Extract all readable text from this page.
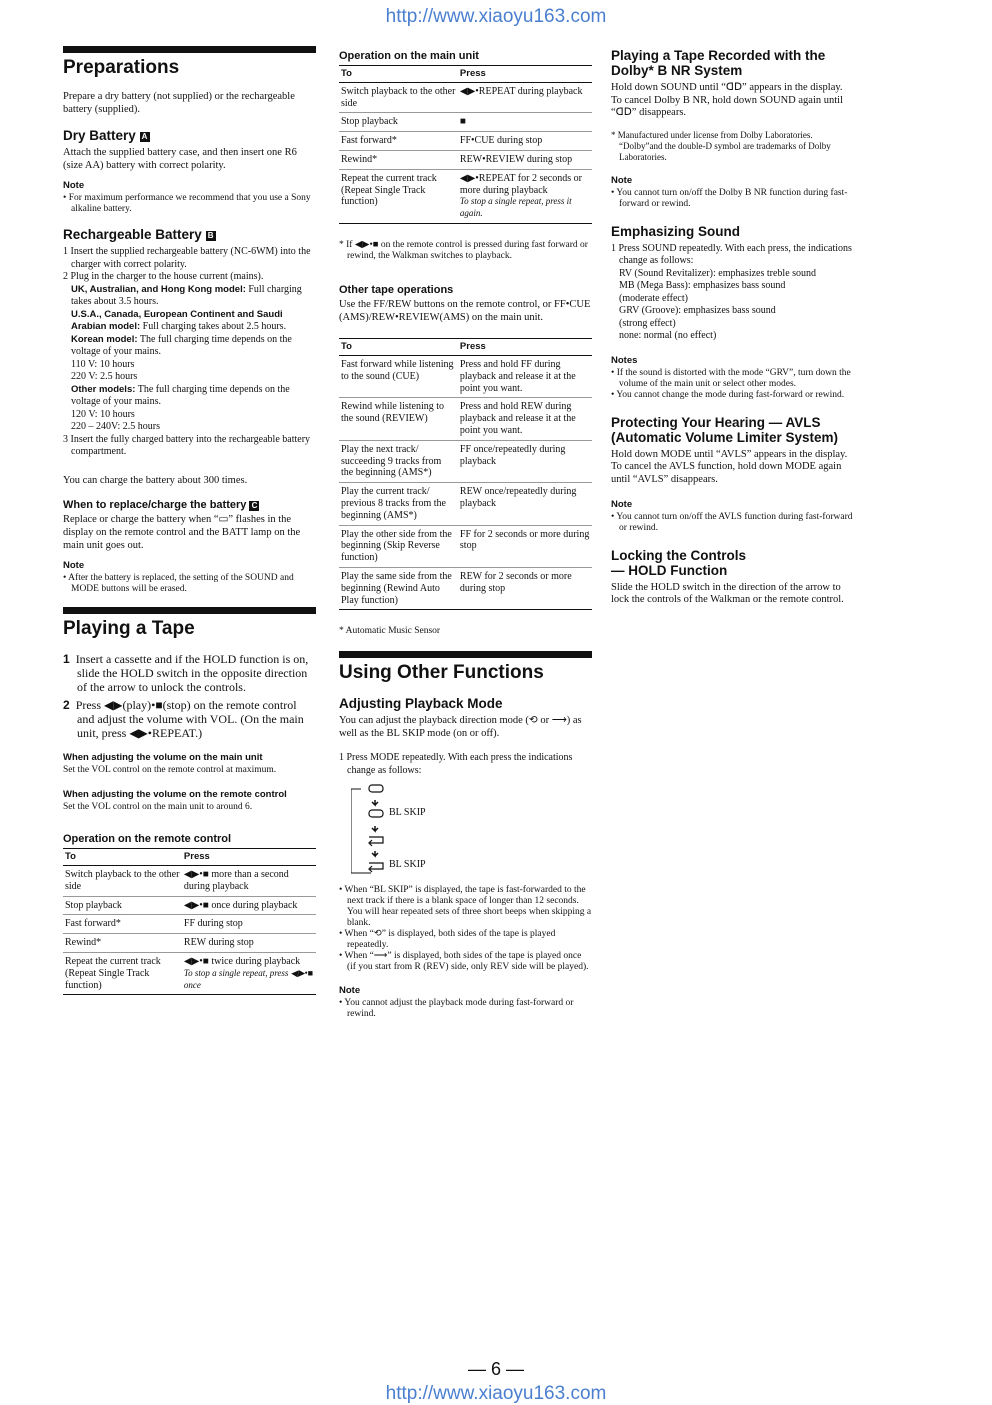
http://www.xiaoyu163.com
Preparations

Prepare a dry battery (not supplied) or the rechargeable battery (supplied).

Dry Battery A

Attach the supplied battery case, and then insert one R6 (size AA) battery with correct polarity.

Note

• For maximum performance we recommend that you use a Sony alkaline battery.

Rechargeable Battery B

1 Insert the supplied rechargeable battery (NC-6WM) into the charger with correct polarity.

2 Plug in the charger to the house current (mains).

UK, Australian, and Hong Kong model: Full charging takes about 3.5 hours.

U.S.A., Canada, European Continent and Saudi Arabian model: Full charging takes about 2.5 hours.

Korean model: The full charging time depends on the voltage of your mains.

110 V: 10 hours

220 V: 2.5 hours

Other models: The full charging time depends on the voltage of your mains.

120 V: 10 hours

220 – 240V: 2.5 hours

3 Insert the fully charged battery into the rechargeable battery compartment.

You can charge the battery about 300 times.

When to replace/charge the battery C

Replace or charge the battery when “▭” flashes in the display on the remote control and the BATT lamp on the main unit goes out.

Note

• After the battery is replaced, the setting of the SOUND and MODE buttons will be erased.

Playing a Tape

1 Insert a cassette and if the HOLD function is on, slide the HOLD switch in the opposite direction of the arrow to unlock the controls.

2 Press ◀▶(play)•■(stop) on the remote control and adjust the volume with VOL. (On the main unit, press ◀▶•REPEAT.)

When adjusting the volume on the main unit

Set the VOL control on the remote control at maximum.

When adjusting the volume on the remote control

Set the VOL control on the main unit to around 6.

Operation on the remote control
To	Press
Switch playback to the other side	◀▶•■ more than a second during playback
Stop playback	◀▶•■ once during playback
Fast forward*	FF during stop
Rewind*	REW during stop
Repeat the current track (Repeat Single Track function)	◀▶•■ twice during playback
To stop a single repeat, press ◀▶•■ once
Operation on the main unit
To	Press
Switch playback to the other side	◀▶•REPEAT during playback
Stop playback	■
Fast forward*	FF•CUE during stop
Rewind*	REW•REVIEW during stop
Repeat the current track (Repeat Single Track function)	◀▶•REPEAT for 2 seconds or more during playback
To stop a single repeat, press it again.

* If ◀▶•■ on the remote control is pressed during fast forward or rewind, the Walkman switches to playback.

Other tape operations

Use the FF/REW buttons on the remote control, or FF•CUE (AMS)/REW•REVIEW(AMS) on the main unit.

To	Press
Fast forward while listening to the sound (CUE)	Press and hold FF during playback and release it at the point you want.
Rewind while listening to the sound (REVIEW)	Press and hold REW during playback and release it at the point you want.
Play the next track/ succeeding 9 tracks from the beginning (AMS*)	FF once/repeatedly during playback
Play the current track/ previous 8 tracks from the beginning (AMS*)	REW once/repeatedly during playback
Play the other side from the beginning (Skip Reverse function)	FF for 2 seconds or more during stop
Play the same side from the beginning (Rewind Auto Play function)	REW for 2 seconds or more during stop

* Automatic Music Sensor

Using Other Functions
Adjusting Playback Mode

You can adjust the playback direction mode (⟲ or ⟶) as well as the BL SKIP mode (on or off).

1 Press MODE repeatedly. With each press the indications change as follows:

BL SKIP
BL SKIP

• When “BL SKIP” is displayed, the tape is fast-forwarded to the next track if there is a blank space of longer than 12 seconds. You will hear repeated sets of three short beeps when skipping a blank.

• When “⟲” is displayed, both sides of the tape is played repeatedly.

• When “⟶” is displayed, both sides of the tape is played once (if you start from R (REV) side, only REV side will be played).

Note

• You cannot adjust the playback mode during fast-forward or rewind.

Playing a Tape Recorded with the Dolby* B NR System

Hold down SOUND until “ᗡᗞ” appears in the display.

To cancel Dolby B NR, hold down SOUND again until “ᗡᗞ” disappears.

* Manufactured under license from Dolby Laboratories. “Dolby”and the double-D symbol are trademarks of Dolby Laboratories.

Note

• You cannot turn on/off the Dolby B NR function during fast-forward or rewind.

Emphasizing Sound

1 Press SOUND repeatedly. With each press, the indications change as follows:

RV (Sound Revitalizer): emphasizes treble sound

MB (Mega Bass): emphasizes bass sound

(moderate effect)

GRV (Groove): emphasizes bass sound

(strong effect)

none: normal (no effect)

Notes

• If the sound is distorted with the mode “GRV”, turn down the volume of the main unit or select other modes.

• You cannot change the mode during fast-forward or rewind.

Protecting Your Hearing — AVLS (Automatic Volume Limiter System)

Hold down MODE until “AVLS” appears in the display.

To cancel the AVLS function, hold down MODE again until “AVLS” disappears.

Note

• You cannot turn on/off the AVLS function during fast-forward or rewind.

Locking the Controls
— HOLD Function

Slide the HOLD switch in the direction of the arrow to lock the controls of the Walkman or the remote control.

— 6 —
http://www.xiaoyu163.com
